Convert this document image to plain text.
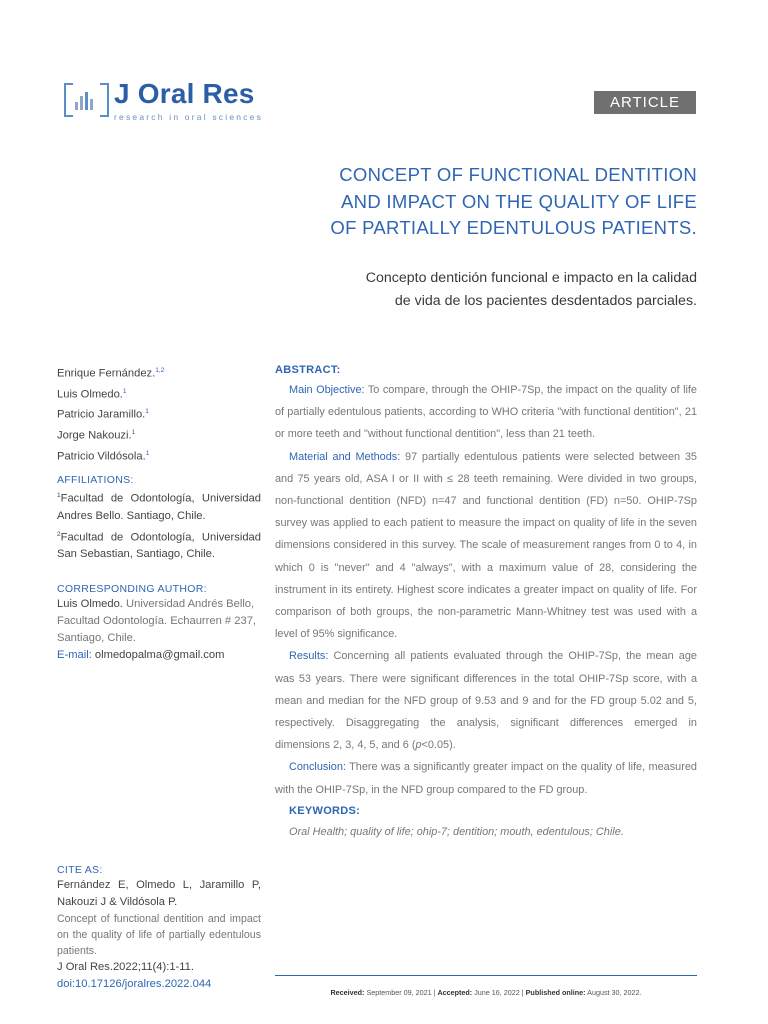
J Oral Res
research in oral sciences
ARTICLE
CONCEPT OF FUNCTIONAL DENTITION
AND IMPACT ON THE QUALITY OF LIFE
OF PARTIALLY EDENTULOUS PATIENTS.
Concepto dentición funcional e impacto en la calidad
de vida de los pacientes desdentados parciales.
Enrique Fernández.$^{1,2}$
Luis Olmedo.$^1$
Patricio Jaramillo.$^1$
Jorge Nakouzi.$^1$
Patricio Vildósola.$^1$
AFFILIATIONS:
$^1$Facultad de Odontología, Universidad Andres Bello. Santiago, Chile.
$^2$Facultad de Odontología, Universidad San Sebastian, Santiago, Chile.
CORRESPONDING AUTHOR:
Luis Olmedo. Universidad Andrés Bello, Facultad Odontología. Echaurren # 237, Santiago, Chile.
E-mail: olmedopalma@gmail.com
CITE AS:
Fernández E, Olmedo L, Jaramillo P, Nakouzi J & Vildósola P.
Concept of functional dentition and impact on the quality of life of partially edentulous patients.
J Oral Res.2022;11(4):1-11.
doi:10.17126/joralres.2022.044
ABSTRACT:

Main Objective: To compare, through the OHIP-7Sp, the impact on the quality of life of partially edentulous patients, according to WHO criteria "with functional dentition", 21 or more teeth and "without functional dentition", less than 21 teeth.

Material and Methods: 97 partially edentulous patients were selected between 35 and 75 years old, ASA I or II with ≤ 28 teeth remaining. Were divided in two groups, non-functional dentition (NFD) n=47 and functional dentition (FD) n=50. OHIP-7Sp survey was applied to each patient to measure the impact on quality of life in the seven dimensions considered in this survey. The scale of measurement ranges from 0 to 4, in which 0 is "never" and 4 "always", with a maximum value of 28, considering the instrument in its entirety. Highest score indicates a greater impact on quality of life. For comparison of both groups, the non-parametric Mann-Whitney test was used with a level of 95% significance.

Results: Concerning all patients evaluated through the OHIP-7Sp, the mean age was 53 years. There were significant differences in the total OHIP-7Sp score, with a mean and median for the NFD group of 9.53 and 9 and for the FD group 5.02 and 5, respectively. Disaggregating the analysis, significant differences emerged in dimensions 2, 3, 4, 5, and 6 (p<0.05).

Conclusion: There was a significantly greater impact on the quality of life, measured with the OHIP-7Sp, in the NFD group compared to the FD group.

KEYWORDS:
Oral Health; quality of life; ohip-7; dentition; mouth, edentulous; Chile.
Received: September 09, 2021 | Accepted: June 16, 2022 | Published online: August 30, 2022.
